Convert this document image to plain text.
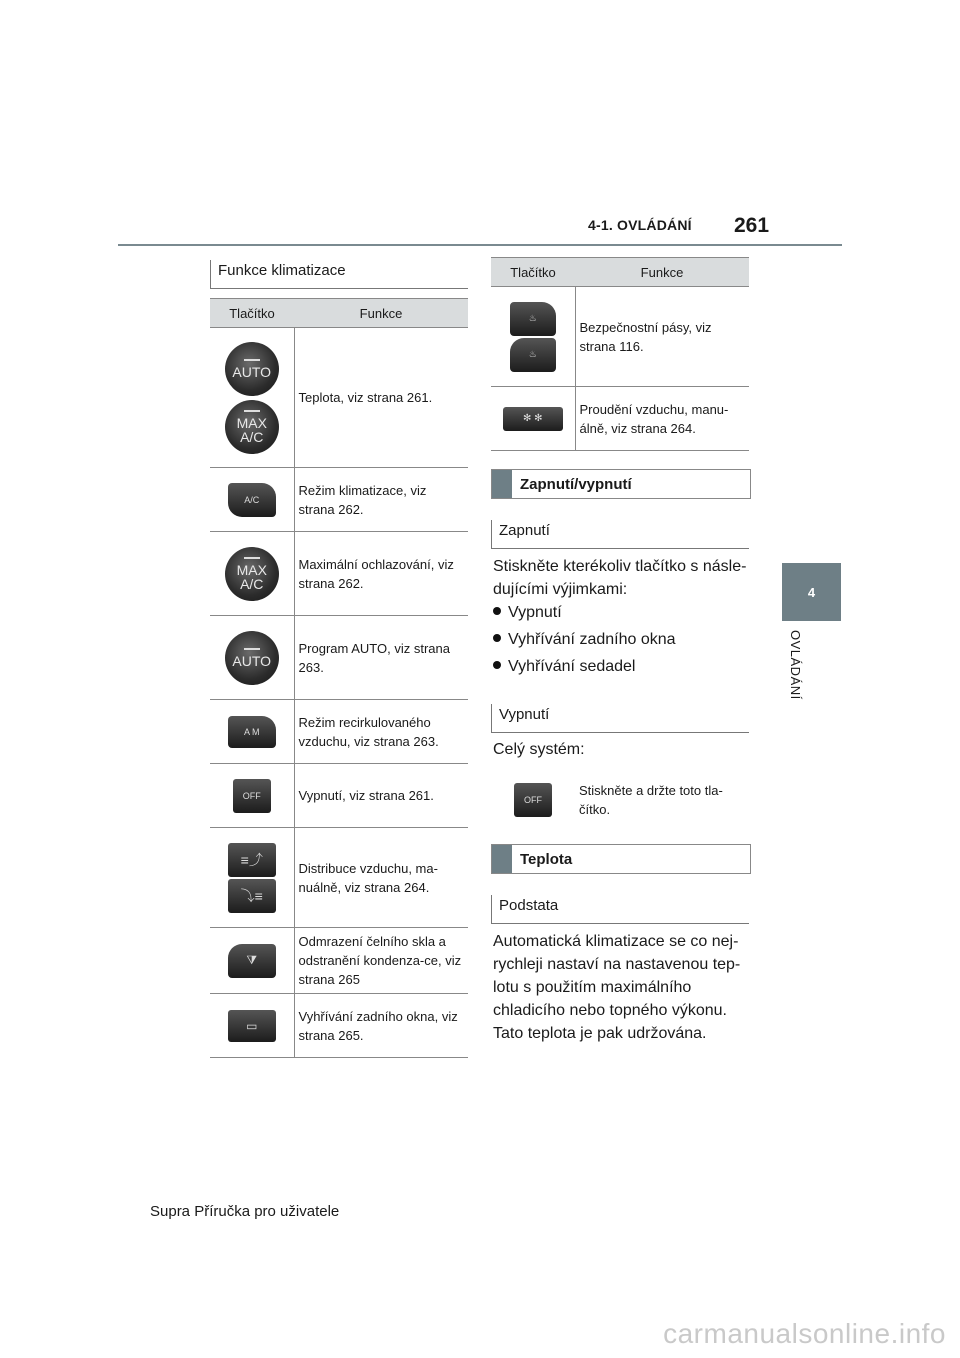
4-1. OVLÁDÁNÍ 261
4
OVLÁDÁNÍ
Funkce klimatizace
Tlačítko	Funkce

AUTO

MAX
A/C	Teplota, viz strana 261.
A/C	Režim klimatizace, viz strana 262.

MAX
A/C	Maximální ochlazování, viz strana 262.

AUTO	Program AUTO, viz strana 263.
A M	Režim recirkulovaného vzduchu, viz strana 263.
OFF	Vypnutí, viz strana 261.
≡⤴
⤵≡	Distribuce vzduchu, ma-nuálně, viz strana 264.
⧩	Odmrazení čelního skla a odstranění kondenza-ce, viz strana 265
▭	Vyhřívání zadního okna, viz strana 265.
Tlačítko	Funkce
♨
♨	Bezpečnostní pásy, viz strana 116.
✻ ✻	Proudění vzduchu, manu-álně, viz strana 264.
Zapnutí/vypnutí
Zapnutí
Stiskněte kterékoliv tlačítko s násle-dujícími výjimkami:
Vypnutí
Vyhřívání zadního okna
Vyhřívání sedadel
Vypnutí
Celý systém:
OFF	Stiskněte a držte toto tla-čítko.
Teplota
Podstata
Automatická klimatizace se co nej-rychleji nastaví na nastavenou tep-lotu s použitím maximálního chladicího nebo topného výkonu. Tato teplota je pak udržována.
Supra Příručka pro uživatele
carmanualsonline.info
